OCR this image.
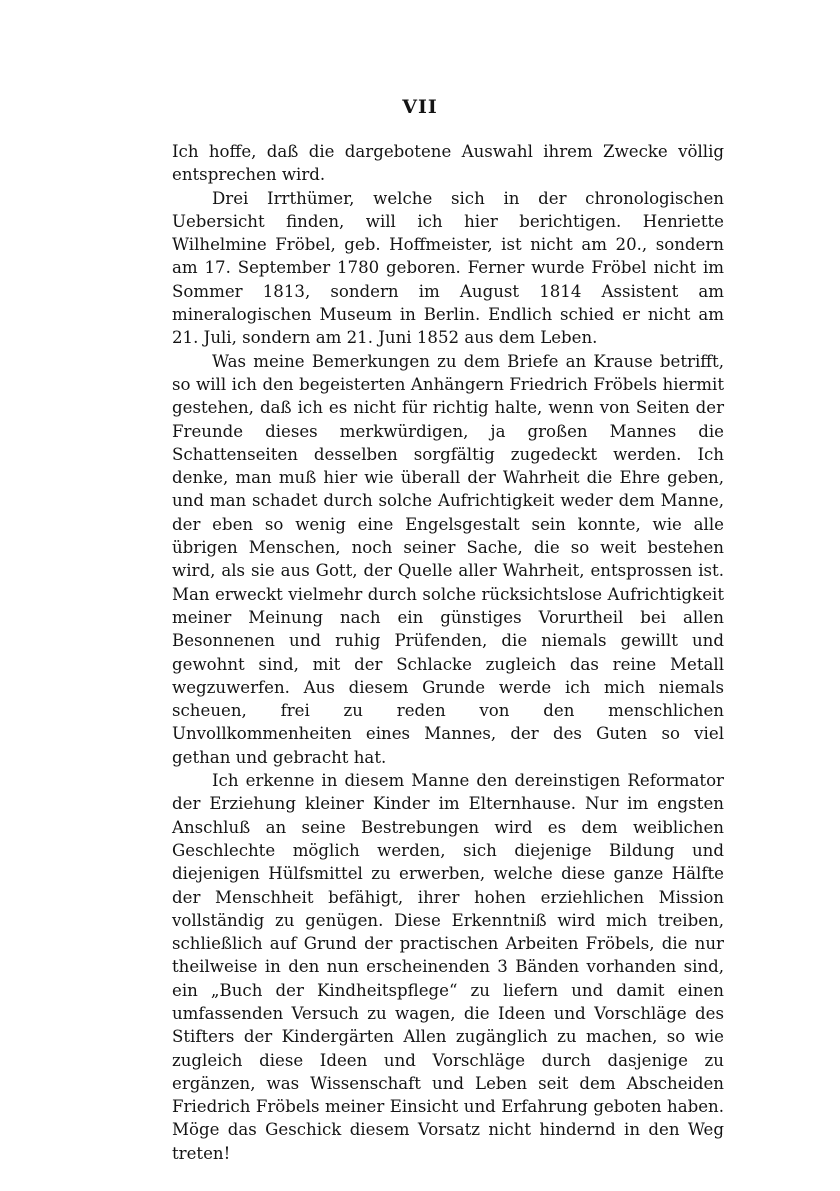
VII

Ich hoffe, daß die dargebotene Auswahl ihrem Zwecke völlig entsprechen wird.

Drei Irrthümer, welche sich in der chronologischen Uebersicht finden, will ich hier berichtigen. Henriette Wilhelmine Fröbel, geb. Hoffmeister, ist nicht am 20., sondern am 17. September 1780 geboren. Ferner wurde Fröbel nicht im Sommer 1813, sondern im August 1814 Assistent am mineralogischen Museum in Berlin. Endlich schied er nicht am 21. Juli, sondern am 21. Juni 1852 aus dem Leben.

Was meine Bemerkungen zu dem Briefe an Krause betrifft, so will ich den begeisterten Anhängern Friedrich Fröbels hiermit gestehen, daß ich es nicht für richtig halte, wenn von Seiten der Freunde dieses merkwürdigen, ja großen Mannes die Schattenseiten desselben sorgfältig zugedeckt werden. Ich denke, man muß hier wie überall der Wahrheit die Ehre geben, und man schadet durch solche Aufrichtigkeit weder dem Manne, der eben so wenig eine Engelsgestalt sein konnte, wie alle übrigen Menschen, noch seiner Sache, die so weit bestehen wird, als sie aus Gott, der Quelle aller Wahrheit, entsprossen ist. Man erweckt vielmehr durch solche rücksichtslose Aufrichtigkeit meiner Meinung nach ein günstiges Vorurtheil bei allen Besonnenen und ruhig Prüfenden, die niemals gewillt und gewohnt sind, mit der Schlacke zugleich das reine Metall wegzuwerfen. Aus diesem Grunde werde ich mich niemals scheuen, frei zu reden von den menschlichen Unvollkommenheiten eines Mannes, der des Guten so viel gethan und gebracht hat.

Ich erkenne in diesem Manne den dereinstigen Reformator der Erziehung kleiner Kinder im Elternhause. Nur im engsten Anschluß an seine Bestrebungen wird es dem weiblichen Geschlechte möglich werden, sich diejenige Bildung und diejenigen Hülfsmittel zu erwerben, welche diese ganze Hälfte der Menschheit befähigt, ihrer hohen erziehlichen Mission vollständig zu genügen. Diese Erkenntniß wird mich treiben, schließlich auf Grund der practischen Arbeiten Fröbels, die nur theilweise in den nun erscheinenden 3 Bänden vorhanden sind, ein „Buch der Kindheitspflege“ zu liefern und damit einen umfassenden Versuch zu wagen, die Ideen und Vorschläge des Stifters der Kindergärten Allen zugänglich zu machen, so wie zugleich diese Ideen und Vorschläge durch dasjenige zu ergänzen, was Wissenschaft und Leben seit dem Abscheiden Friedrich Fröbels meiner Einsicht und Erfahrung geboten haben. Möge das Geschick diesem Vorsatz nicht hindernd in den Weg treten!
